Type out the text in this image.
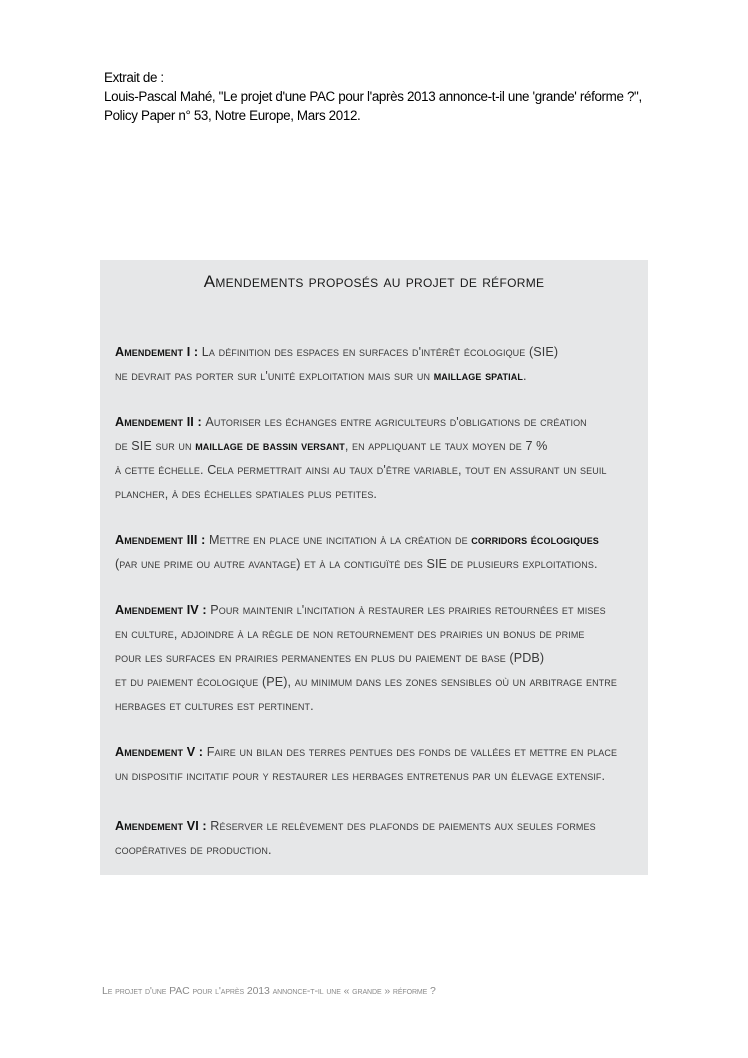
Extrait de :
Louis-Pascal Mahé, "Le projet d'une PAC pour l'après 2013 annonce-t-il une 'grande' réforme ?",
Policy Paper n° 53, Notre Europe, Mars 2012.
Amendements proposés au projet de réforme
Amendement I : La définition des espaces en surfaces d'intérêt écologique (SIE)
ne devrait pas porter sur l'unité exploitation mais sur un maillage spatial.
Amendement II : Autoriser les échanges entre agriculteurs d'obligations de création
de SIE sur un maillage de bassin versant, en appliquant le taux moyen de 7 %
à cette échelle. Cela permettrait ainsi au taux d'être variable, tout en assurant un seuil
plancher, à des échelles spatiales plus petites.
Amendement III : Mettre en place une incitation à la création de corridors écologiques
(par une prime ou autre avantage) et à la contiguïté des SIE de plusieurs exploitations.
Amendement IV : Pour maintenir l'incitation à restaurer les prairies retournées et mises
en culture, adjoindre à la règle de non retournement des prairies un bonus de prime
pour les surfaces en prairies permanentes en plus du paiement de base (PDB)
et du paiement écologique (PE), au minimum dans les zones sensibles où un arbitrage entre
herbages et cultures est pertinent.
Amendement V : Faire un bilan des terres pentues des fonds de vallées et mettre en place
un dispositif incitatif pour y restaurer les herbages entretenus par un élevage extensif.
Amendement VI : Réserver le relèvement des plafonds de paiements aux seules formes
coopératives de production.
Le projet d'une PAC pour l'après 2013 annonce-t-il une « grande » réforme ?
